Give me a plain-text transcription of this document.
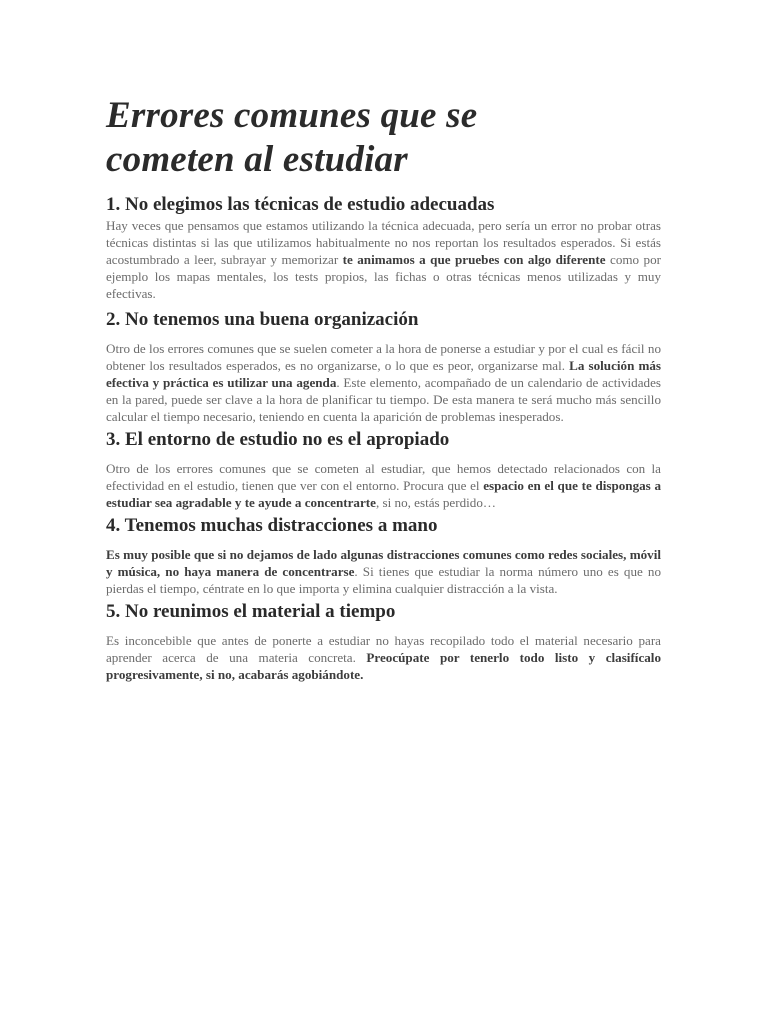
Errores comunes que se
cometen al estudiar
1. No elegimos las técnicas de estudio adecuadas

Hay veces que pensamos que estamos utilizando la técnica adecuada, pero sería un error no probar otras técnicas distintas si las que utilizamos habitualmente no nos reportan los resultados esperados. Si estás acostumbrado a leer, subrayar y memorizar te animamos a que pruebes con algo diferente como por ejemplo los mapas mentales, los tests propios, las fichas o otras técnicas menos utilizadas y muy efectivas.

2. No tenemos una buena organización

Otro de los errores comunes que se suelen cometer a la hora de ponerse a estudiar y por el cual es fácil no obtener los resultados esperados, es no organizarse, o lo que es peor, organizarse mal. La solución más efectiva y práctica es utilizar una agenda. Este elemento, acompañado de un calendario de actividades en la pared, puede ser clave a la hora de planificar tu tiempo. De esta manera te será mucho más sencillo calcular el tiempo necesario, teniendo en cuenta la aparición de problemas inesperados.

3. El entorno de estudio no es el apropiado

Otro de los errores comunes que se cometen al estudiar, que hemos detectado relacionados con la efectividad en el estudio, tienen que ver con el entorno. Procura que el espacio en el que te dispongas a estudiar sea agradable y te ayude a concentrarte, si no, estás perdido…

4. Tenemos muchas distracciones a mano

Es muy posible que si no dejamos de lado algunas distracciones comunes como redes sociales, móvil y música, no haya manera de concentrarse. Si tienes que estudiar la norma número uno es que no pierdas el tiempo, céntrate en lo que importa y elimina cualquier distracción a la vista.

5. No reunimos el material a tiempo

Es inconcebible que antes de ponerte a estudiar no hayas recopilado todo el material necesario para aprender acerca de una materia concreta. Preocúpate por tenerlo todo listo y clasifícalo progresivamente, si no, acabarás agobiándote.
